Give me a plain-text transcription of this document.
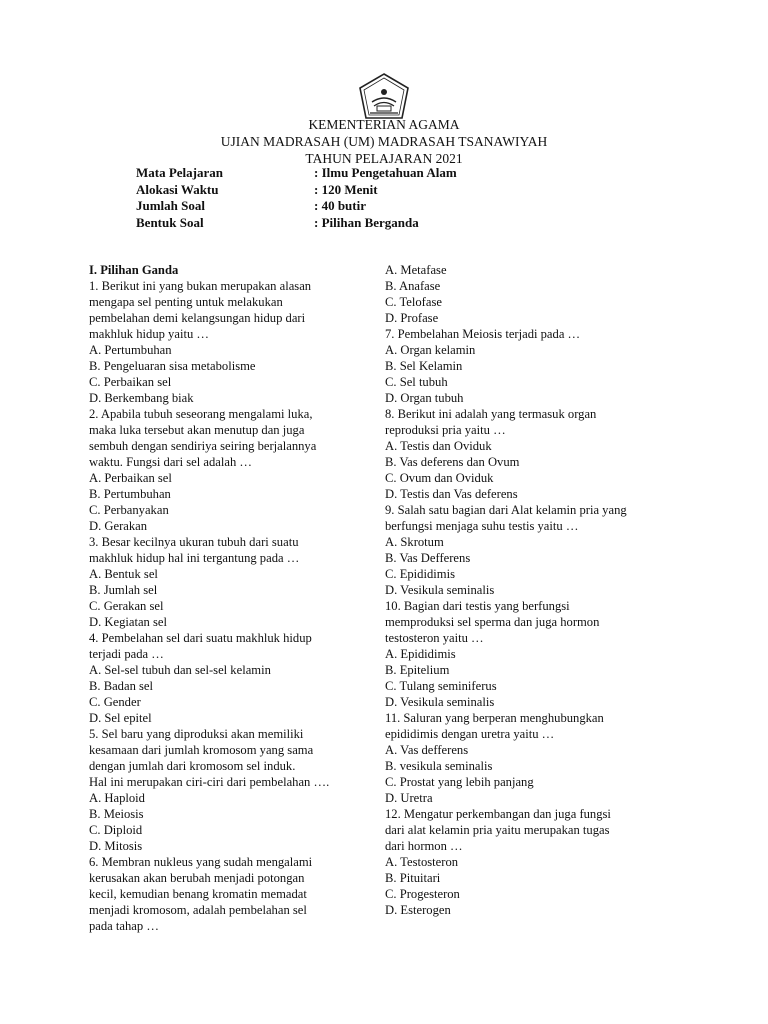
KEMENTERIAN AGAMA
UJIAN MADRASAH (UM) MADRASAH TSANAWIYAH
TAHUN PELAJARAN 2021
Mata Pelajaran	: Ilmu Pengetahuan Alam
Alokasi Waktu	: 120 Menit
Jumlah Soal	: 40 butir
Bentuk Soal	: Pilihan Berganda
I. Pilihan Ganda
1. Berikut ini yang bukan merupakan alasan
mengapa sel penting untuk melakukan
pembelahan demi kelangsungan hidup dari
makhluk hidup yaitu …
A. Pertumbuhan
B. Pengeluaran sisa metabolisme
C. Perbaikan sel
D. Berkembang biak
2. Apabila tubuh seseorang mengalami luka,
maka luka tersebut akan menutup dan juga
sembuh dengan sendiriya seiring berjalannya
waktu. Fungsi dari sel adalah …
A. Perbaikan sel
B. Pertumbuhan
C. Perbanyakan
D. Gerakan
3. Besar kecilnya ukuran tubuh dari suatu
makhluk hidup hal ini tergantung pada …
A. Bentuk sel
B. Jumlah sel
C. Gerakan sel
D. Kegiatan sel
4. Pembelahan sel dari suatu makhluk hidup
terjadi pada …
A. Sel-sel tubuh dan sel-sel kelamin
B. Badan sel
C. Gender
D. Sel epitel
5. Sel baru yang diproduksi akan memiliki
kesamaan dari jumlah kromosom yang sama
dengan jumlah dari kromosom sel induk.
Hal ini merupakan ciri-ciri dari pembelahan ….
A. Haploid
B. Meiosis
C. Diploid
D. Mitosis
6. Membran nukleus yang sudah mengalami
kerusakan akan berubah menjadi potongan
kecil, kemudian benang kromatin memadat
menjadi kromosom, adalah pembelahan sel
pada tahap …
A. Metafase
B. Anafase
C. Telofase
D. Profase
7. Pembelahan Meiosis terjadi pada …
A. Organ kelamin
B. Sel Kelamin
C. Sel tubuh
D. Organ tubuh
8. Berikut ini adalah yang termasuk organ
reproduksi pria yaitu …
A. Testis dan Oviduk
B. Vas deferens dan Ovum
C. Ovum dan Oviduk
D. Testis dan Vas deferens
9. Salah satu bagian dari Alat kelamin pria yang
berfungsi menjaga suhu testis yaitu …
A. Skrotum
B. Vas Defferens
C. Epididimis
D. Vesikula seminalis
10. Bagian dari testis yang berfungsi
memproduksi sel sperma dan juga hormon
testosteron yaitu …
A. Epididimis
B. Epitelium
C. Tulang seminiferus
D. Vesikula seminalis
11. Saluran yang berperan menghubungkan
epididimis dengan uretra yaitu …
A. Vas defferens
B. vesikula seminalis
C. Prostat yang lebih panjang
D. Uretra
12. Mengatur perkembangan dan juga fungsi
dari alat kelamin pria yaitu merupakan tugas
dari hormon …
A. Testosteron
B. Pituitari
C. Progesteron
D. Esterogen
